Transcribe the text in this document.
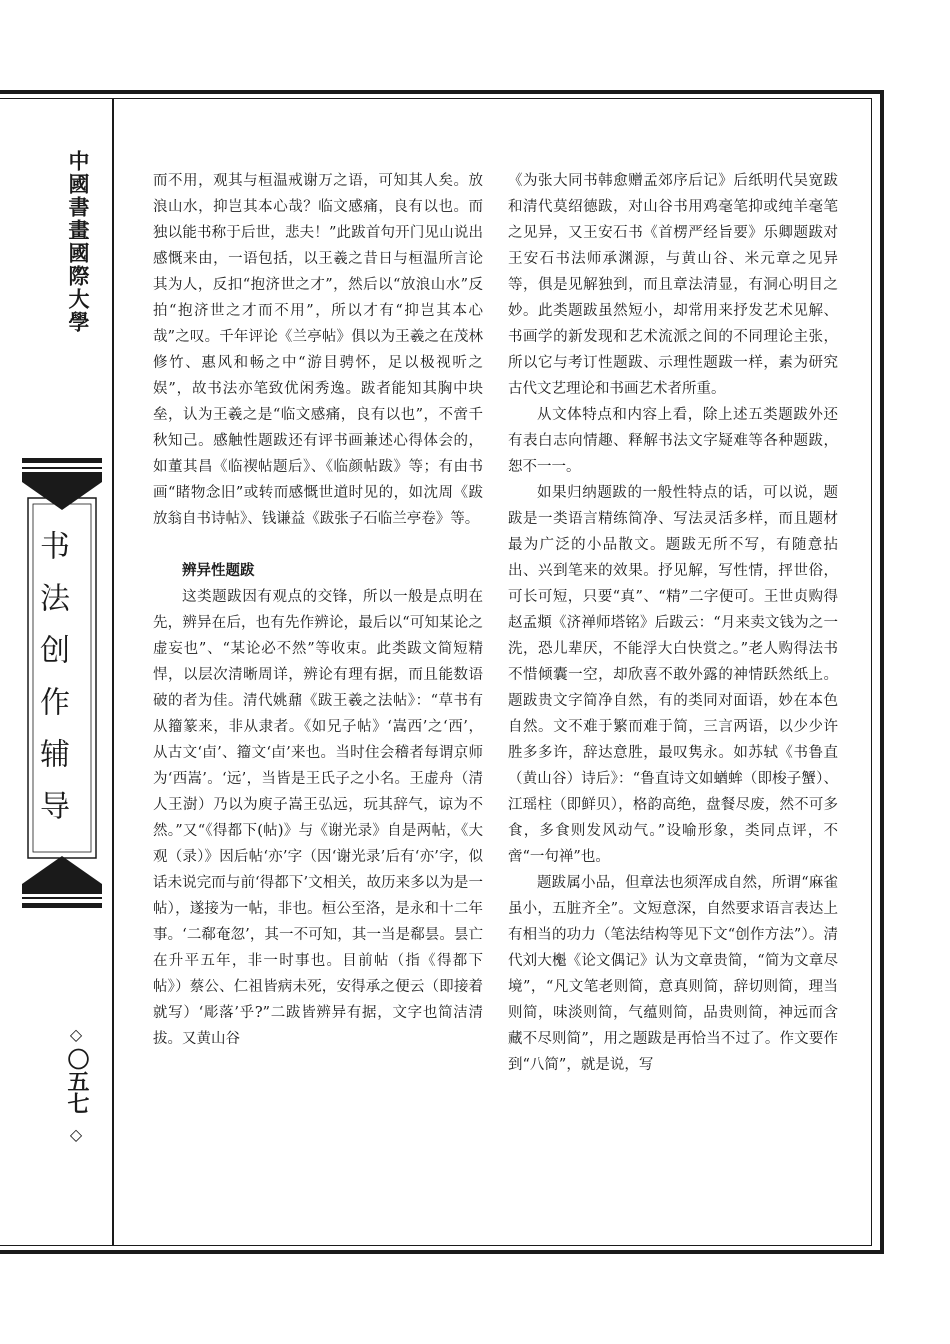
中國書畫國際大學
书法创作辅导
◇
〇五七
◇

而不用，观其与桓温戒谢万之语，可知其人矣。放浪山水，抑岂其本心哉？临文感痛，良有以也。而独以能书称于后世，悲夫！”此跋首句开门见山说出感慨来由，一语包括，以王羲之昔日与桓温所言论其为人，反扣“抱济世之才”，然后以“放浪山水”反拍“抱济世之才而不用”，所以才有“抑岂其本心哉”之叹。千年评论《兰亭帖》俱以为王羲之在茂林修竹、惠风和畅之中“游目骋怀，足以极视听之娱”，故书法亦笔致优闲秀逸。跋者能知其胸中块垒，认为王羲之是“临文感痛，良有以也”，不啻千秋知己。感触性题跋还有评书画兼述心得体会的，如董其昌《临禊帖题后》、《临颜帖跋》等；有由书画“睹物念旧”或转而感慨世道时见的，如沈周《跋放翁自书诗帖》、钱谦益《跋张子石临兰亭卷》等。

辨异性题跋

这类题跋因有观点的交锋，所以一般是点明在先，辨异在后，也有先作辨论，最后以“可知某论之虚妄也”、“某论必不然”等收束。此类跋文简短精悍，以层次清晰周详，辨论有理有据，而且能数语破的者为佳。清代姚鼐《跋王羲之法帖》：“草书有从籀篆来，非从隶者。《如兄子帖》‘嵩西’之‘西’，从古文‘卣’、籀文‘卣’来也。当时住会稽者每谓京师为‘西嵩’。‘远’，当皆是王氏子之小名。王虚舟（清人王澍）乃以为庾子嵩王弘远，玩其辞气，谅为不然。”又“《得都下(帖)》与《谢光录》自是两帖，《大观（录）》因后帖‘亦’字（因‘谢光录’后有‘亦’字，似话未说完而与前‘得都下’文相关，故历来多以为是一帖），遂接为一帖，非也。桓公至洛，是永和十二年事。‘二郗奄忽’，其一不可知，其一当是郗昙。昙亡在升平五年，非一时事也。目前帖（指《得都下帖》）蔡公、仁祖皆病未死，安得承之便云（即接着就写）‘彫落’乎?”二跋皆辨异有据，文字也简洁清拔。又黄山谷

《为张大同书韩愈赠孟郊序后记》后纸明代吴宽跋和清代莫绍德跋，对山谷书用鸡毫笔抑或纯羊毫笔之见异，又王安石书《首楞严经旨要》乐卿题跋对王安石书法师承渊源，与黄山谷、米元章之见异等，俱是见解独到，而且章法清显，有洞心明目之妙。此类题跋虽然短小，却常用来抒发艺术见解、书画学的新发现和艺术流派之间的不同理论主张，所以它与考订性题跋、示理性题跋一样，素为研究古代文艺理论和书画艺术者所重。

从文体特点和内容上看，除上述五类题跋外还有表白志向情趣、释解书法文字疑难等各种题跋，恕不一一。

如果归纳题跋的一般性特点的话，可以说，题跋是一类语言精练简净、写法灵活多样，而且题材最为广泛的小品散文。题跋无所不写，有随意拈出、兴到笔来的效果。抒见解，写性情，抨世俗，可长可短，只要“真”、“精”二字便可。王世贞购得赵孟頫《济禅师塔铭》后跋云：“月来卖文钱为之一洗，恐儿辈厌，不能浮大白快赏之。”老人购得法书不惜倾囊一空，却欣喜不敢外露的神情跃然纸上。题跋贵文字简净自然，有的类同对面语，妙在本色自然。文不难于繁而难于简，三言两语，以少少许胜多多许，辞达意胜，最叹隽永。如苏轼《书鲁直（黄山谷）诗后》：“鲁直诗文如蝤蛑（即梭子蟹）、江瑶柱（即鲜贝），格韵高绝，盘餐尽废，然不可多食，多食则发风动气。”设喻形象，类同点评，不啻“一句禅”也。

题跋属小品，但章法也须浑成自然，所谓“麻雀虽小，五脏齐全”。文短意深，自然要求语言表达上有相当的功力（笔法结构等见下文“创作方法”）。清代刘大櫆《论文偶记》认为文章贵简，“简为文章尽境”，“凡文笔老则简，意真则简，辞切则简，理当则简，味淡则简，气蕴则简，品贵则简，神远而含藏不尽则简”，用之题跋是再恰当不过了。作文要作到“八简”，就是说，写
